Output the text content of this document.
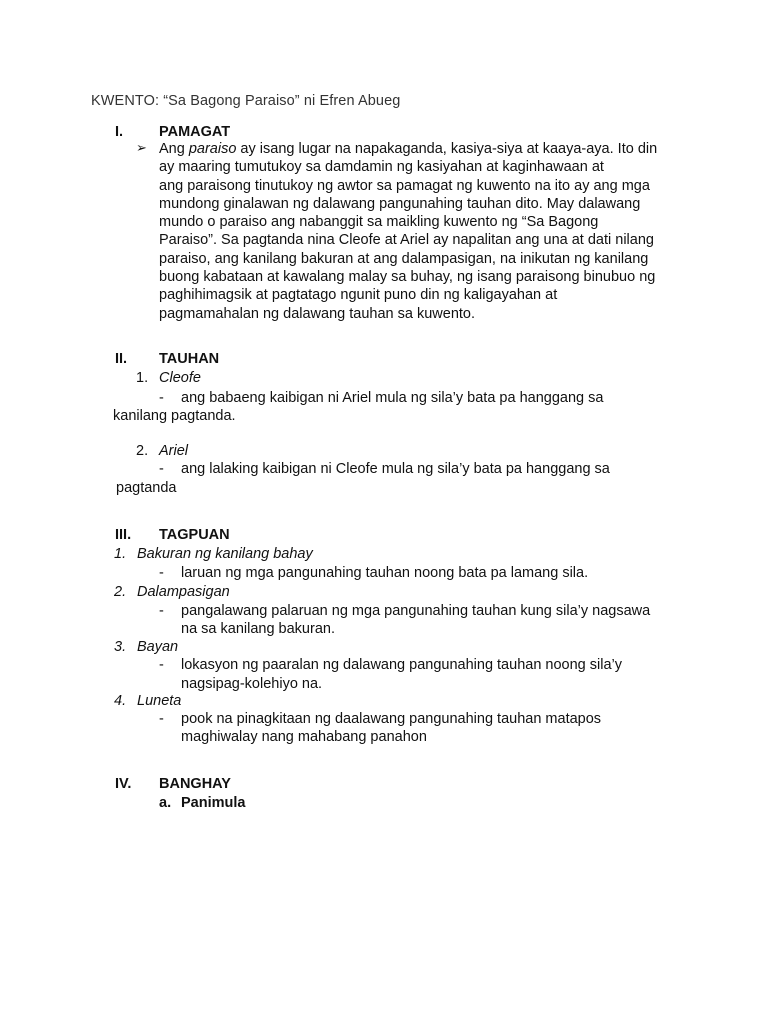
KWENTO: “Sa Bagong Paraiso” ni Efren Abueg
I. PAMAGAT
➢ Ang paraiso ay isang lugar na napakaganda, kasiya-siya at kaaya-aya. Ito din
ay maaring tumutukoy sa damdamin ng kasiyahan at kaginhawaan at
ang paraisong tinutukoy ng awtor sa pamagat ng kuwento na ito ay ang mga
mundong ginalawan ng dalawang pangunahing tauhan dito. May dalawang
mundo o paraiso ang nabanggit sa maikling kuwento ng “Sa Bagong
Paraiso”. Sa pagtanda nina Cleofe at Ariel ay napalitan ang una at dati nilang
paraiso, ang kanilang bakuran at ang dalampasigan, na inikutan ng kanilang
buong kabataan at kawalang malay sa buhay, ng isang paraisong binubuo ng
paghihimagsik at pagtatago ngunit puno din ng kaligayahan at
pagmamahalan ng dalawang tauhan sa kuwento.
II. TAUHAN
1. Cleofe
- ang babaeng kaibigan ni Ariel mula ng sila’y bata pa hanggang sa
kanilang pagtanda.
2. Ariel
- ang lalaking kaibigan ni Cleofe mula ng sila’y bata pa hanggang sa
pagtanda
III. TAGPUAN
1. Bakuran ng kanilang bahay
- laruan ng mga pangunahing tauhan noong bata pa lamang sila.
2. Dalampasigan
- pangalawang palaruan ng mga pangunahing tauhan kung sila’y nagsawa
na sa kanilang bakuran.
3. Bayan
- lokasyon ng paaralan ng dalawang pangunahing tauhan noong sila’y
nagsipag-kolehiyo na.
4. Luneta
- pook na pinagkitaan ng daalawang pangunahing tauhan matapos
maghiwalay nang mahabang panahon
IV. BANGHAY
a. Panimula
